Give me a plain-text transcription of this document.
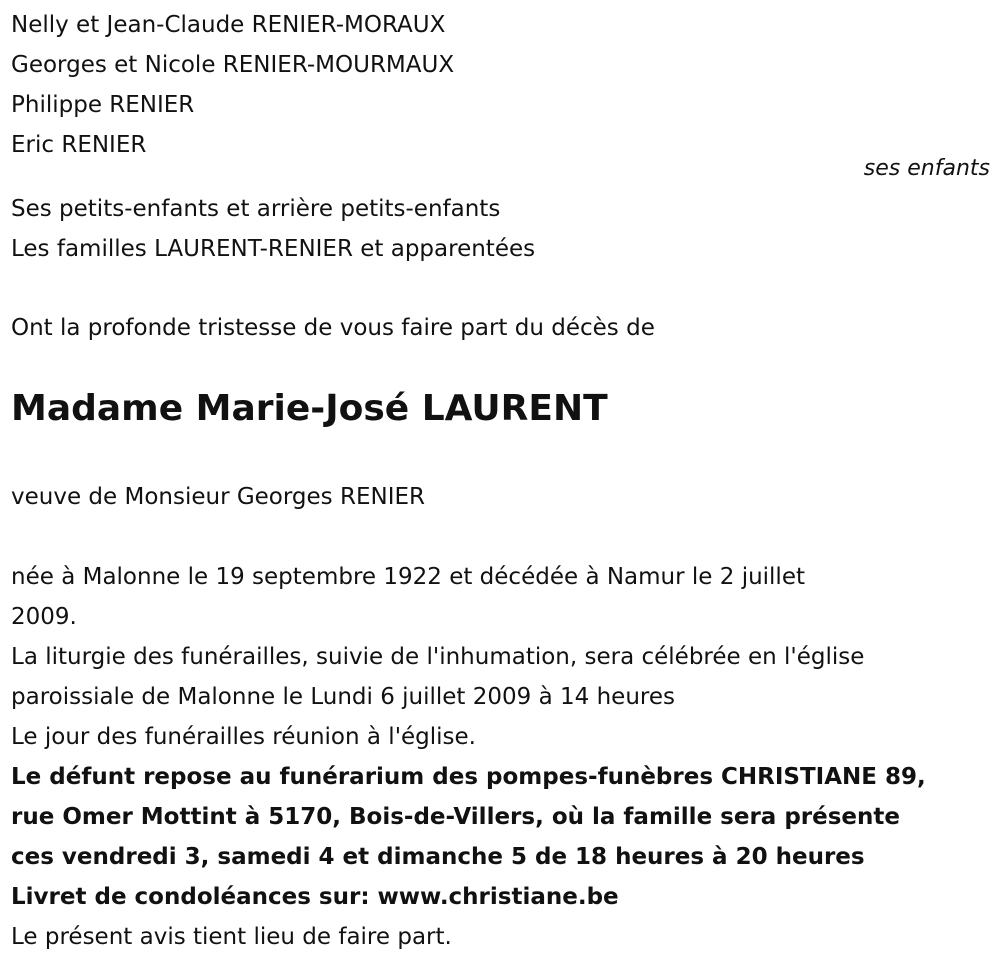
Nelly et Jean-Claude RENIER-MORAUX
Georges et Nicole RENIER-MOURMAUX
Philippe RENIER
Eric RENIER
ses enfants
Ses petits-enfants et arrière petits-enfants
Les familles LAURENT-RENIER et apparentées
Ont la profonde tristesse de vous faire part du décès de
Madame Marie-José LAURENT
veuve de Monsieur Georges RENIER
née à Malonne le 19 septembre 1922 et décédée à Namur le 2 juillet
2009.
La liturgie des funérailles, suivie de l'inhumation, sera célébrée en l'église
paroissiale de Malonne le Lundi 6 juillet 2009 à 14 heures
Le jour des funérailles réunion à l'église.
Le défunt repose au funérarium des pompes-funèbres CHRISTIANE 89,
rue Omer Mottint à 5170, Bois-de-Villers, où la famille sera présente
ces vendredi 3, samedi 4 et dimanche 5 de 18 heures à 20 heures
Livret de condoléances sur: www.christiane.be
Le présent avis tient lieu de faire part.
